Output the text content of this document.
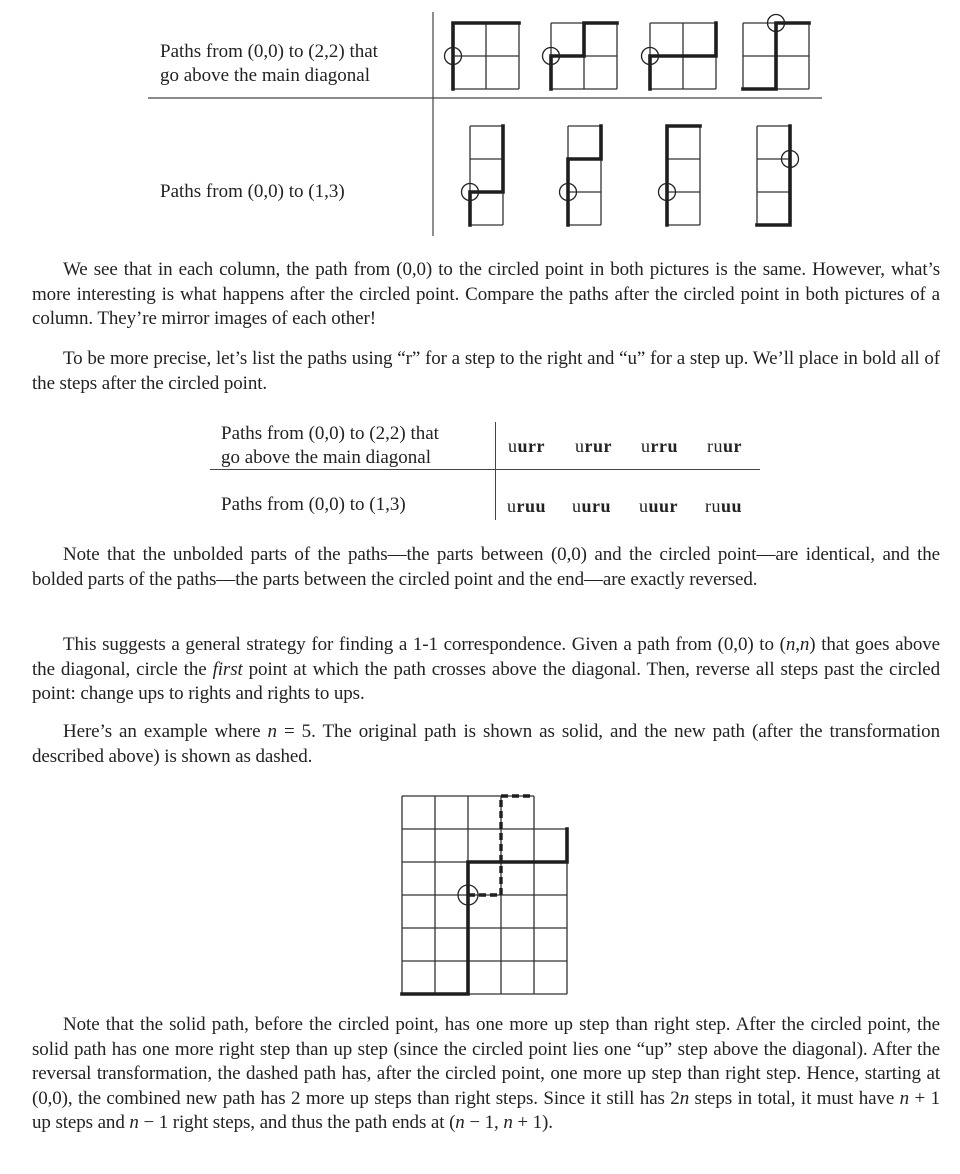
Paths from (0,0) to (2,2) that
go above the main diagonal
Paths from (0,0) to (1,3)

We see that in each column, the path from (0,0) to the circled point in both pictures is the same. However, what’s more interesting is what happens after the circled point. Compare the paths after the circled point in both pictures of a column. They’re mirror images of each other!

To be more precise, let’s list the paths using “r” for a step to the right and “u” for a step up. We’ll place in bold all of the steps after the circled point.

Paths from (0,0) to (2,2) that
go above the main diagonal
Paths from (0,0) to (1,3)
uurr urur urru ruur
uruu uuru uuur ruuu

Note that the unbolded parts of the paths—the parts between (0,0) and the circled point—are identical, and the bolded parts of the paths—the parts between the circled point and the end—are exactly reversed.

This suggests a general strategy for finding a 1-1 correspondence. Given a path from (0,0) to (n,n) that goes above the diagonal, circle the first point at which the path crosses above the diagonal. Then, reverse all steps past the circled point: change ups to rights and rights to ups.

Here’s an example where n = 5. The original path is shown as solid, and the new path (after the transformation described above) is shown as dashed.

Note that the solid path, before the circled point, has one more up step than right step. After the circled point, the solid path has one more right step than up step (since the circled point lies one “up” step above the diagonal). After the reversal transformation, the dashed path has, after the circled point, one more up step than right step. Hence, starting at (0,0), the combined new path has 2 more up steps than right steps. Since it still has 2n steps in total, it must have n + 1 up steps and n − 1 right steps, and thus the path ends at (n − 1, n + 1).
